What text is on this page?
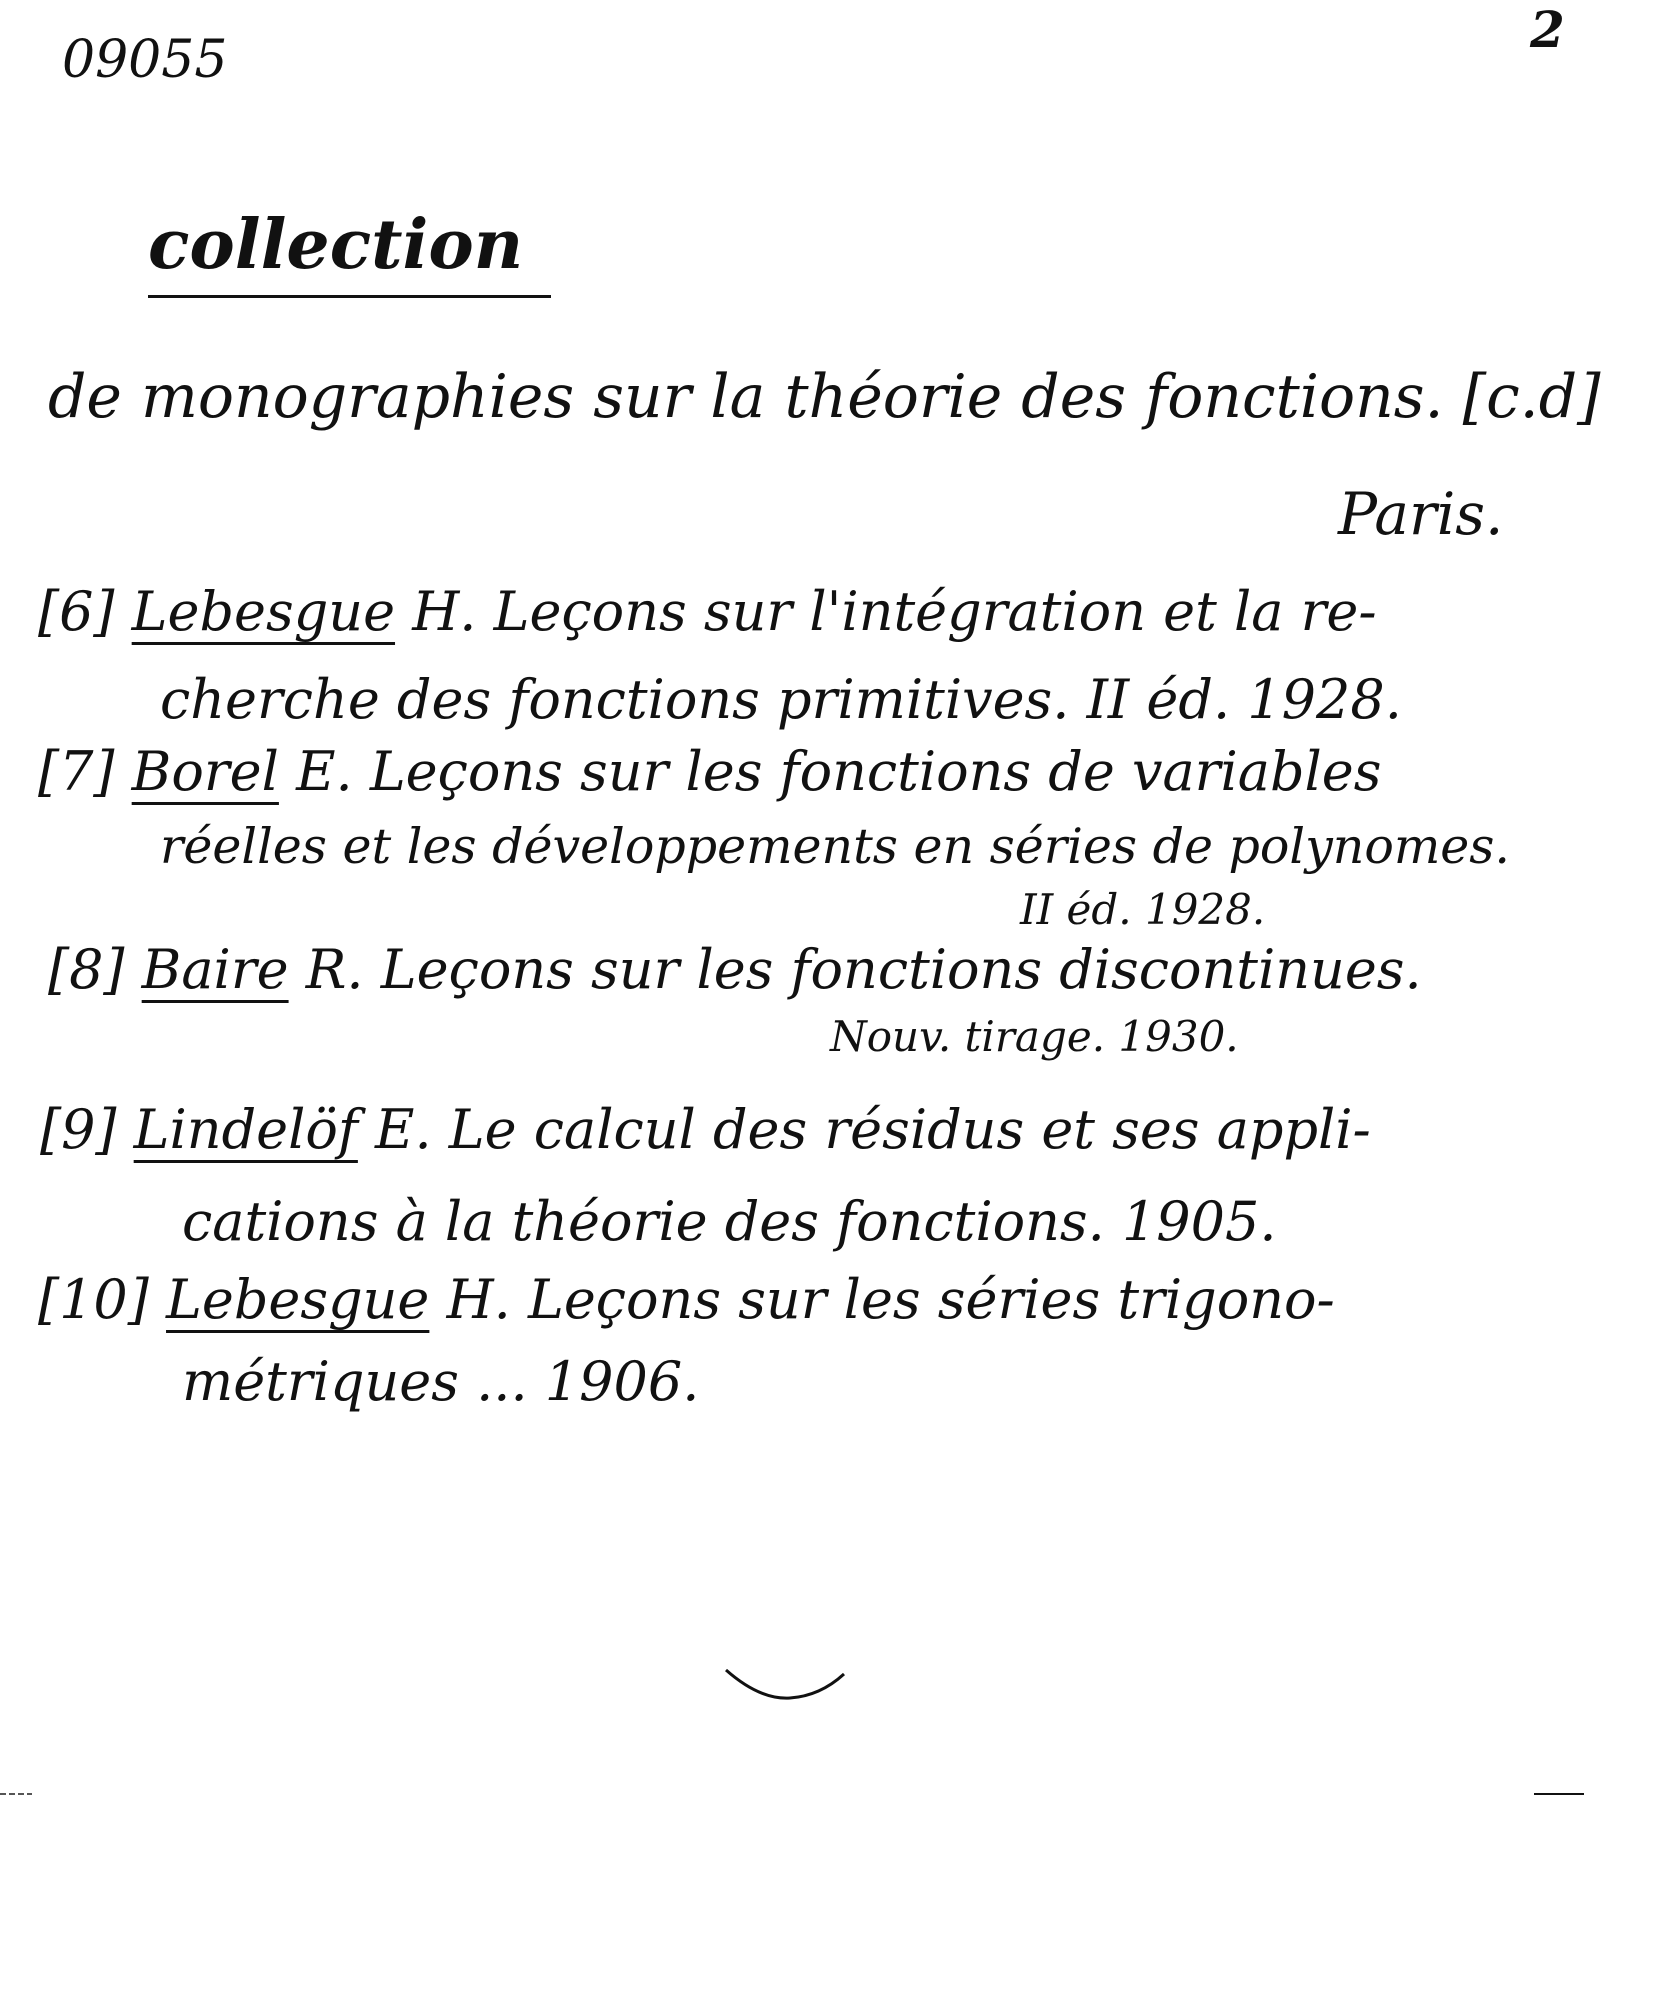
09055
2
collection
de monographies sur la théorie des fonctions. [c.d]
Paris.
[6] Lebesgue H. Leçons sur l'intégration et la re-
cherche des fonctions primitives. II éd. 1928.
[7] Borel E. Leçons sur les fonctions de variables
réelles et les développements en séries de polynomes.
II éd. 1928.
[8] Baire R. Leçons sur les fonctions discontinues.
Nouv. tirage. 1930.
[9] Lindelöf E. Le calcul des résidus et ses appli-
cations à la théorie des fonctions. 1905.
[10] Lebesgue H. Leçons sur les séries trigono-
métriques ... 1906.
